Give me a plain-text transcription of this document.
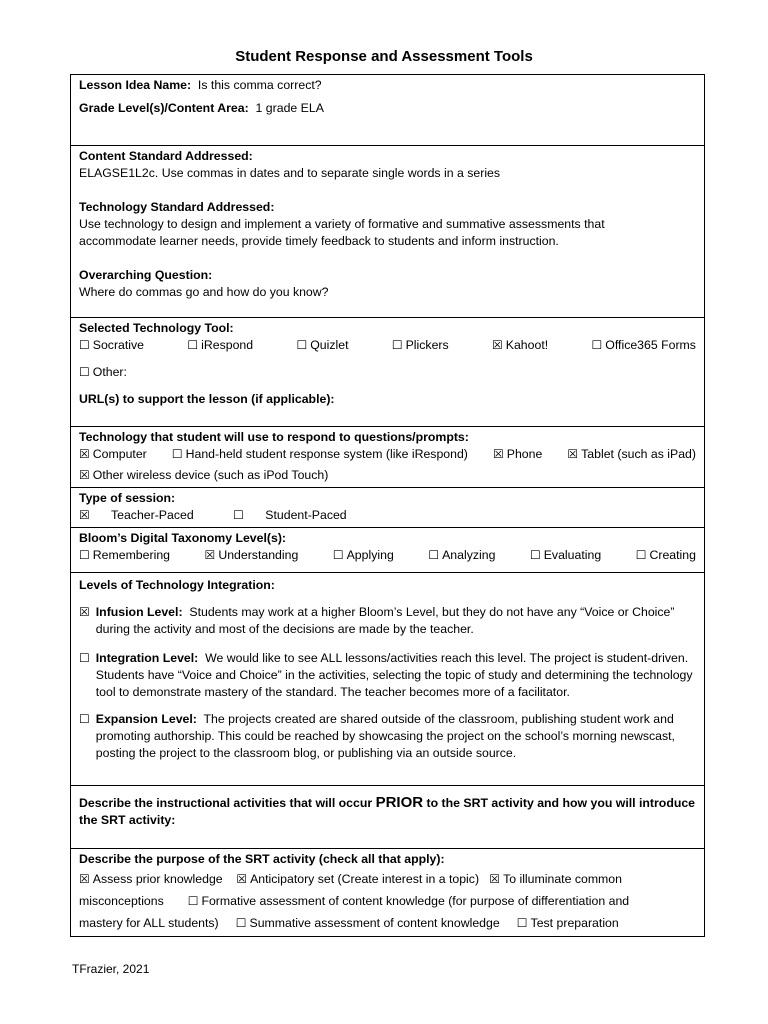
Student Response and Assessment Tools
Lesson Idea Name: Is this comma correct?
Grade Level(s)/Content Area: 1 grade ELA

Content Standard Addressed:
ELAGSE1L2c. Use commas in dates and to separate single words in a series
Technology Standard Addressed:
Use technology to design and implement a variety of formative and summative assessments that
accommodate learner needs, provide timely feedback to students and inform instruction.
Overarching Question:
Where do commas go and how do you know?

Selected Technology Tool:
☐ Socrative	☐ iRespond	☐ Quizlet	☐ Plickers	☒ Kahoot!	☐ Office365 Forms
☐ Other:
URL(s) to support the lesson (if applicable):

Technology that student will use to respond to questions/prompts:
☒ Computer ☐ Hand-held student response system (like iRespond) ☒ Phone ☒ Tablet (such as iPad)
☒ Other wireless device (such as iPod Touch)

Type of session:
☒ Teacher-Paced	☐ Student-Paced

Bloom’s Digital Taxonomy Level(s):
☐ Remembering	☒ Understanding	☐ Applying	☐ Analyzing	☐ Evaluating	☐ Creating

Levels of Technology Integration:
☒ Infusion Level: Students may work at a higher Bloom’s Level, but they do not have any “Voice or Choice” during the activity and most of the decisions are made by the teacher.
☐ Integration Level: We would like to see ALL lessons/activities reach this level. The project is student-driven. Students have “Voice and Choice” in the activities, selecting the topic of study and determining the technology tool to demonstrate mastery of the standard. The teacher becomes more of a facilitator.
☐ Expansion Level: The projects created are shared outside of the classroom, publishing student work and promoting authorship. This could be reached by showcasing the project on the school’s morning newscast, posting the project to the classroom blog, or publishing via an outside source.

Describe the instructional activities that will occur PRIOR to the SRT activity and how you will introduce the SRT activity:

Describe the purpose of the SRT activity (check all that apply):
☒ Assess prior knowledge ☒ Anticipatory set (Create interest in a topic) ☒ To illuminate common
misconceptions ☐ Formative assessment of content knowledge (for purpose of differentiation and
mastery for ALL students) ☐ Summative assessment of content knowledge ☐ Test preparation
TFrazier, 2021
